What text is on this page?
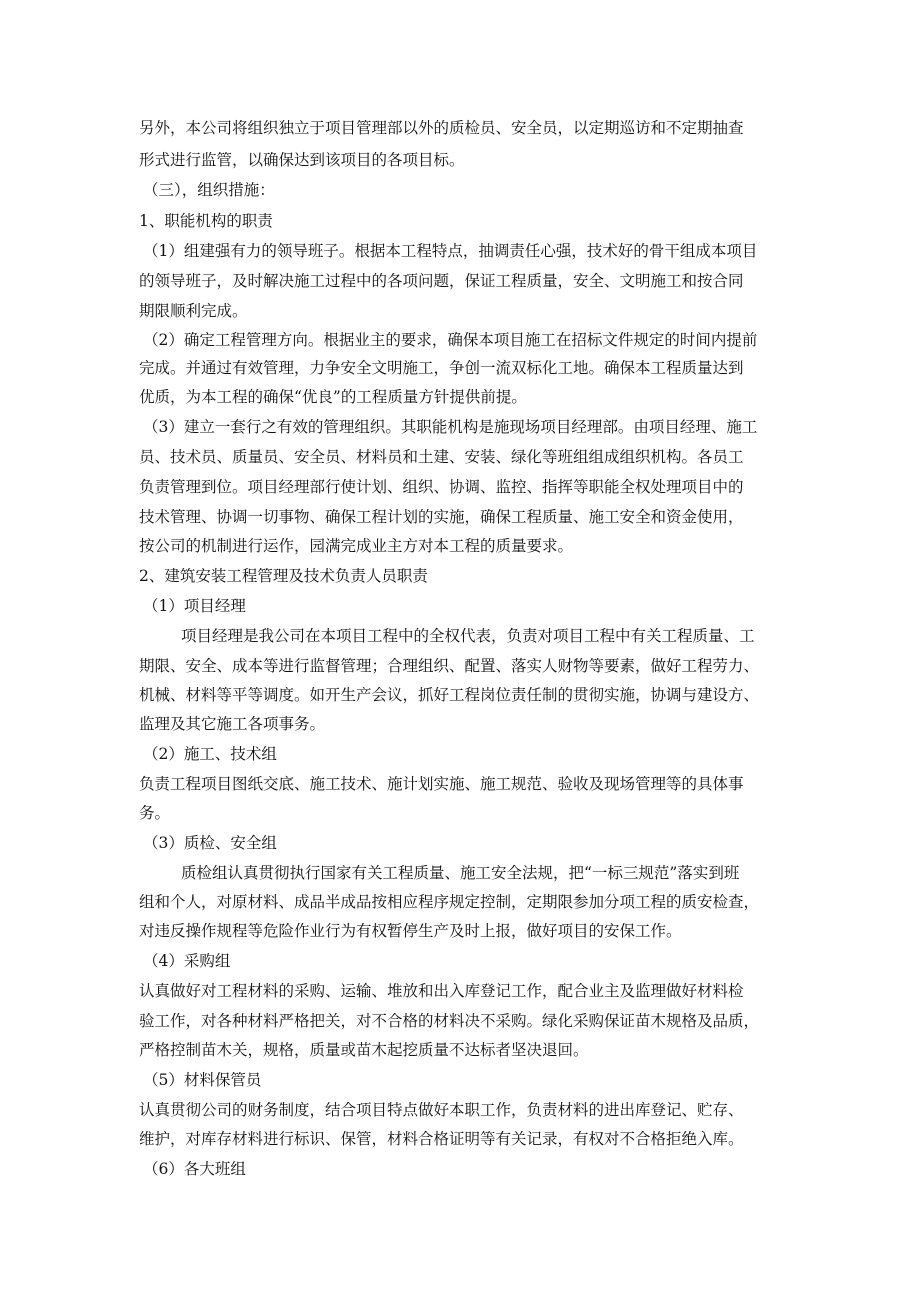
另外，本公司将组织独立于项目管理部以外的质检员、安全员，以定期巡访和不定期抽查
形式进行监管，以确保达到该项目的各项目标。
（三），组织措施：
1、职能机构的职责
（1）组建强有力的领导班子。根据本工程特点，抽调责任心强，技术好的骨干组成本项目
的领导班子，及时解决施工过程中的各项问题，保证工程质量，安全、文明施工和按合同
期限顺利完成。
（2）确定工程管理方向。根据业主的要求，确保本项目施工在招标文件规定的时间内提前
完成。并通过有效管理，力争安全文明施工，争创一流双标化工地。确保本工程质量达到
优质，为本工程的确保“优良”的工程质量方针提供前提。
（3）建立一套行之有效的管理组织。其职能机构是施现场项目经理部。由项目经理、施工
员、技术员、质量员、安全员、材料员和土建、安装、绿化等班组组成组织机构。各员工
负责管理到位。项目经理部行使计划、组织、协调、监控、指挥等职能全权处理项目中的
技术管理、协调一切事物、确保工程计划的实施，确保工程质量、施工安全和资金使用，
按公司的机制进行运作，园满完成业主方对本工程的质量要求。
2、建筑安装工程管理及技术负责人员职责
（1）项目经理
项目经理是我公司在本项目工程中的全权代表，负责对项目工程中有关工程质量、工
期限、安全、成本等进行监督管理；合理组织、配置、落实人财物等要素，做好工程劳力、
机械、材料等平等调度。如开生产会议，抓好工程岗位责任制的贯彻实施，协调与建设方、
监理及其它施工各项事务。
（2）施工、技术组
负责工程项目图纸交底、施工技术、施计划实施、施工规范、验收及现场管理等的具体事
务。
（3）质检、安全组
质检组认真贯彻执行国家有关工程质量、施工安全法规，把“一标三规范”落实到班
组和个人，对原材料、成品半成品按相应程序规定控制，定期限参加分项工程的质安检查，
对违反操作规程等危险作业行为有权暂停生产及时上报，做好项目的安保工作。
（4）采购组
认真做好对工程材料的采购、运输、堆放和出入库登记工作，配合业主及监理做好材料检
验工作，对各种材料严格把关，对不合格的材料决不采购。绿化采购保证苗木规格及品质，
严格控制苗木关，规格，质量或苗木起挖质量不达标者坚决退回。
（5）材料保管员
认真贯彻公司的财务制度，结合项目特点做好本职工作，负责材料的进出库登记、贮存、
维护，对库存材料进行标识、保管，材料合格证明等有关记录，有权对不合格拒绝入库。
（6）各大班组
